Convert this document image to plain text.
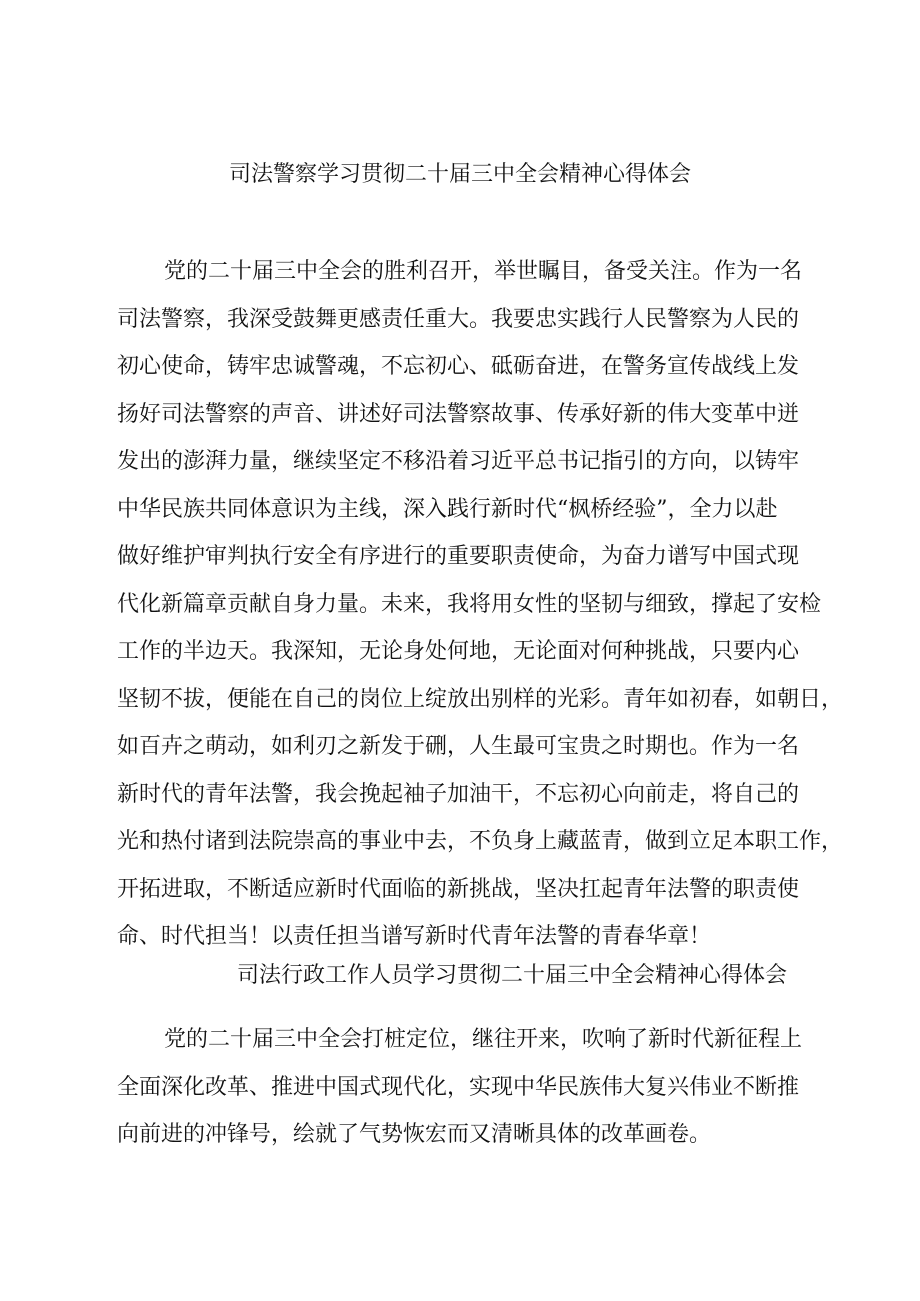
司法警察学习贯彻二十届三中全会精神心得体会
党的二十届三中全会的胜利召开，举世瞩目，备受关注。作为一名
司法警察，我深受鼓舞更感责任重大。我要忠实践行人民警察为人民的
初心使命，铸牢忠诚警魂，不忘初心、砥砺奋进，在警务宣传战线上发
扬好司法警察的声音、讲述好司法警察故事、传承好新的伟大变革中迸
发出的澎湃力量，继续坚定不移沿着习近平总书记指引的方向，以铸牢
中华民族共同体意识为主线，深入践行新时代“枫桥经验”，全力以赴
做好维护审判执行安全有序进行的重要职责使命，为奋力谱写中国式现
代化新篇章贡献自身力量。未来，我将用女性的坚韧与细致，撑起了安检
工作的半边天。我深知，无论身处何地，无论面对何种挑战，只要内心
坚韧不拔，便能在自己的岗位上绽放出别样的光彩。青年如初春，如朝日，
如百卉之萌动，如利刃之新发于硎，人生最可宝贵之时期也。作为一名
新时代的青年法警，我会挽起袖子加油干，不忘初心向前走，将自己的
光和热付诸到法院崇高的事业中去，不负身上藏蓝青，做到立足本职工作，
开拓进取，不断适应新时代面临的新挑战，坚决扛起青年法警的职责使
命、时代担当！以责任担当谱写新时代青年法警的青春华章！
司法行政工作人员学习贯彻二十届三中全会精神心得体会
党的二十届三中全会打桩定位，继往开来，吹响了新时代新征程上
全面深化改革、推进中国式现代化，实现中华民族伟大复兴伟业不断推
向前进的冲锋号，绘就了气势恢宏而又清晰具体的改革画卷。
